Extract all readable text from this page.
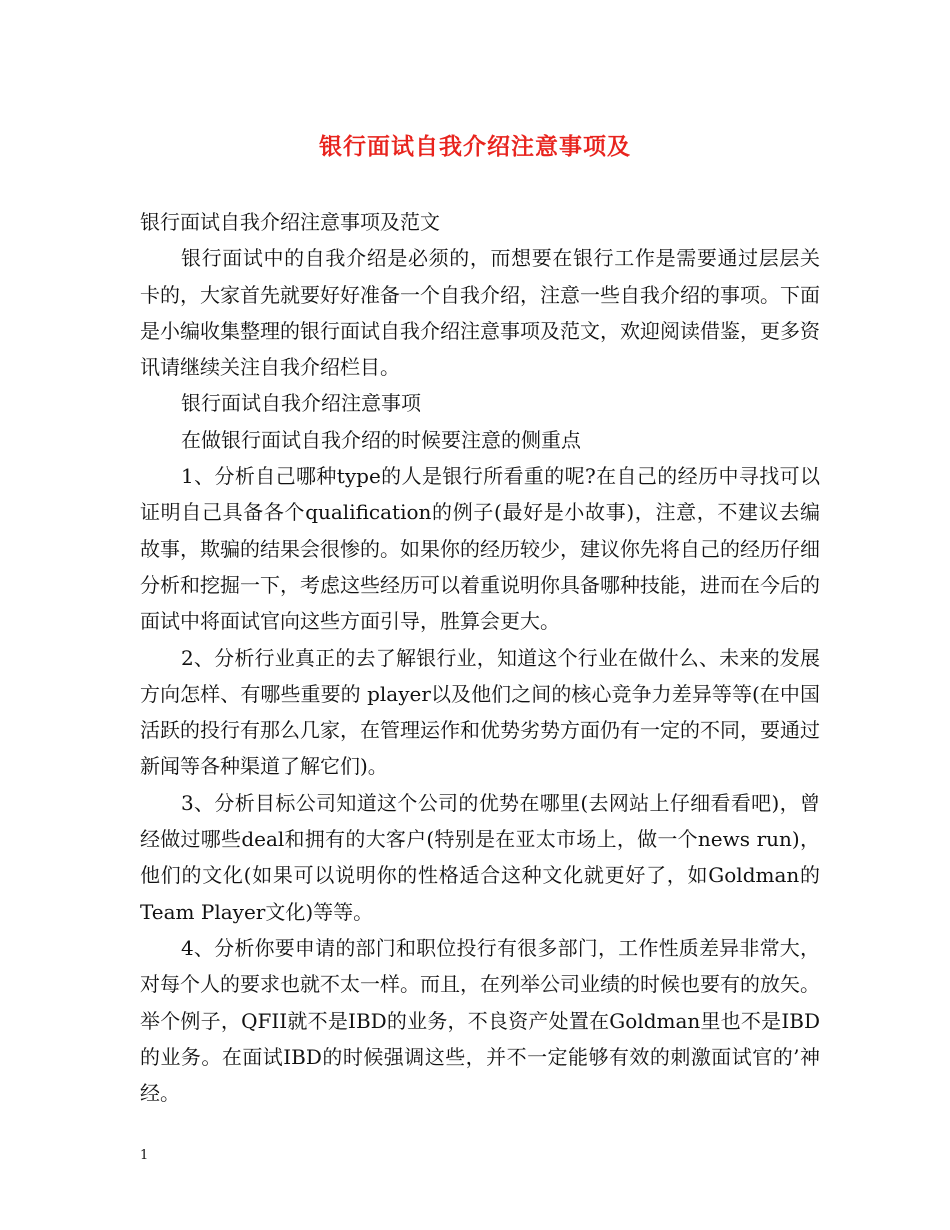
银行面试自我介绍注意事项及

银行面试自我介绍注意事项及范文

银行面试中的自我介绍是必须的，而想要在银行工作是需要通过层层关卡的，大家首先就要好好准备一个自我介绍，注意一些自我介绍的事项。下面是小编收集整理的银行面试自我介绍注意事项及范文，欢迎阅读借鉴，更多资讯请继续关注自我介绍栏目。

银行面试自我介绍注意事项

在做银行面试自我介绍的时候要注意的侧重点

1、分析自己哪种type的人是银行所看重的呢?在自己的经历中寻找可以证明自己具备各个qualification的例子(最好是小故事)，注意，不建议去编故事，欺骗的结果会很惨的。如果你的经历较少，建议你先将自己的经历仔细分析和挖掘一下，考虑这些经历可以着重说明你具备哪种技能，进而在今后的面试中将面试官向这些方面引导，胜算会更大。

2、分析行业真正的去了解银行业，知道这个行业在做什么、未来的发展方向怎样、有哪些重要的 player以及他们之间的核心竞争力差异等等(在中国活跃的投行有那么几家，在管理运作和优势劣势方面仍有一定的不同，要通过新闻等各种渠道了解它们)。

3、分析目标公司知道这个公司的优势在哪里(去网站上仔细看看吧)，曾经做过哪些deal和拥有的大客户(特别是在亚太市场上，做一个news run)，他们的文化(如果可以说明你的性格适合这种文化就更好了，如Goldman的Team Player文化)等等。

4、分析你要申请的部门和职位投行有很多部门，工作性质差异非常大，对每个人的要求也就不太一样。而且，在列举公司业绩的时候也要有的放矢。举个例子，QFII就不是IBD的业务，不良资产处置在Goldman里也不是IBD的业务。在面试IBD的时候强调这些，并不一定能够有效的刺激面试官的’神经。

1
